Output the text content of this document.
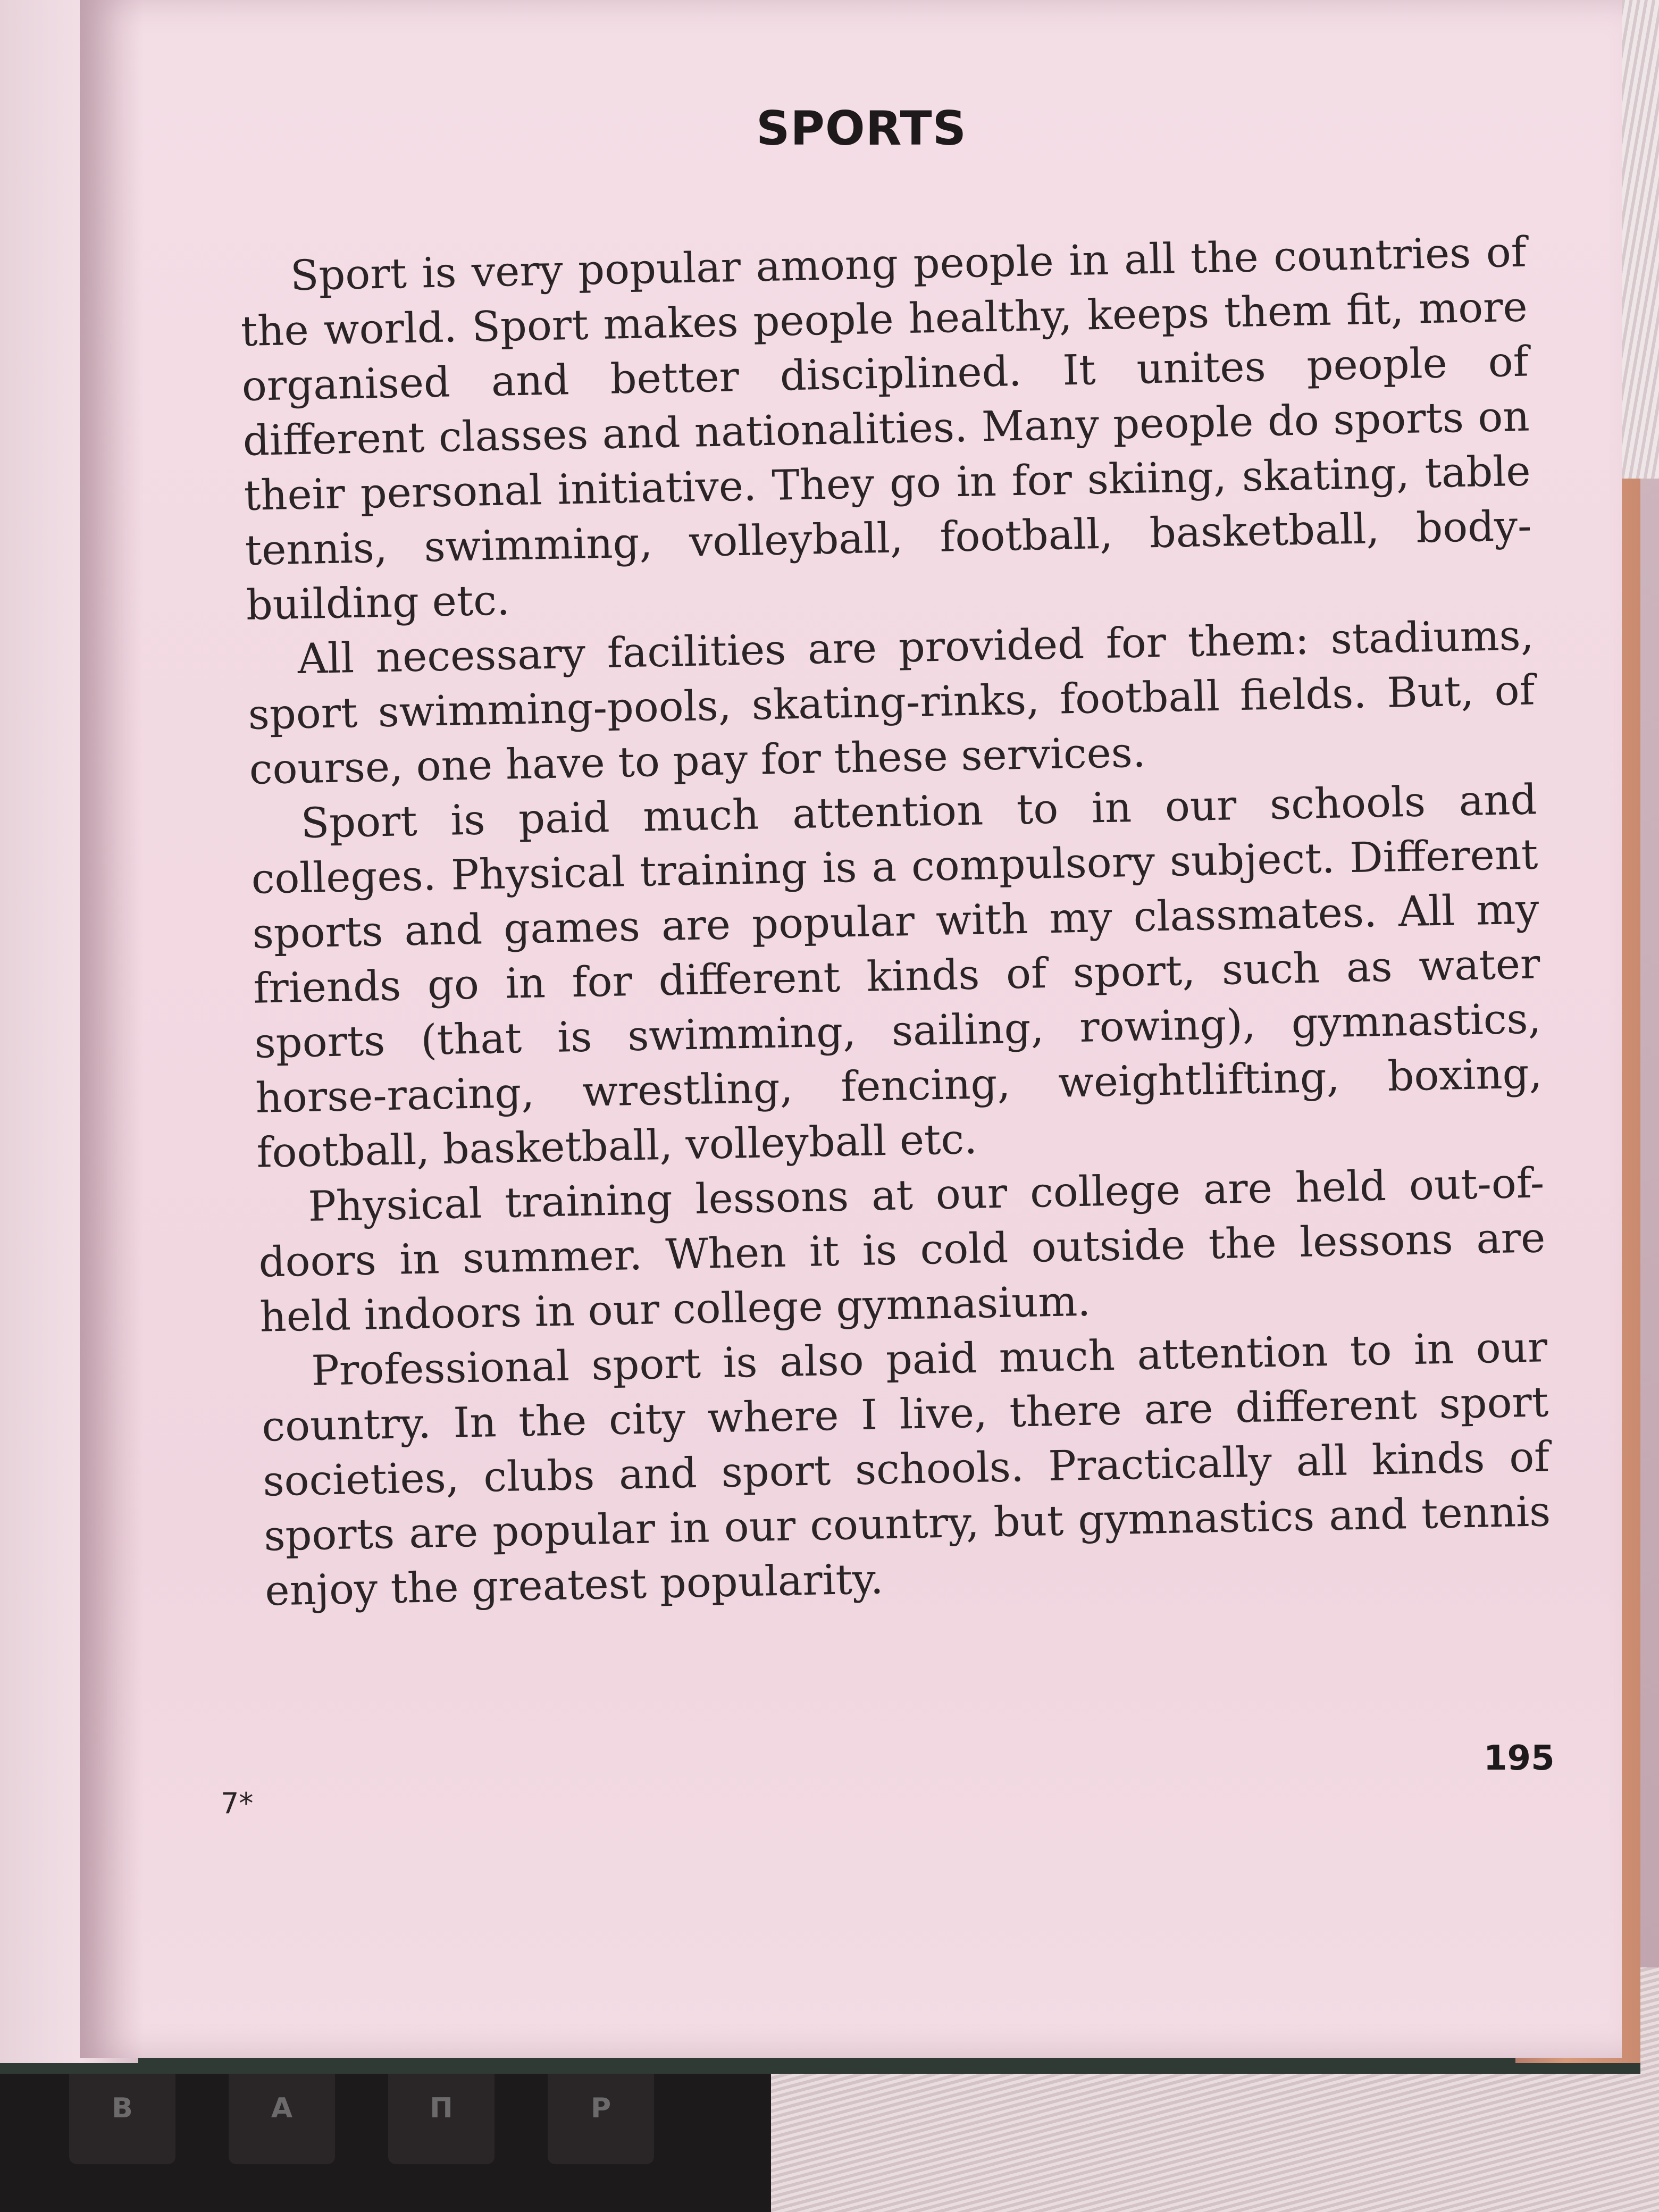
B	A	П	Р
SPORTS

Sport is very popular among people in all the countries of the world. Sport makes people healthy, keeps them fit, more organised and better disciplined. It unites people of different classes and nationalities. Many people do sports on their personal initiative. They go in for skiing, skating, table tennis, swimming, volleyball, football, basketball, body-building etc.

All necessary facilities are provided for them: stadiums, sport swimming-pools, skating-rinks, football fields. But, of course, one have to pay for these services.

Sport is paid much attention to in our schools and colleges. Physical training is a compulsory subject. Different sports and games are popular with my classmates. All my friends go in for different kinds of sport, such as water sports (that is swimming, sailing, rowing), gymnastics, horse-racing, wrestling, fencing, weightlifting, boxing, football, basketball, volleyball etc.

Physical training lessons at our college are held out-of-doors in summer. When it is cold outside the lessons are held indoors in our college gymnasium.

Professional sport is also paid much attention to in our country. In the city where I live, there are different sport societies, clubs and sport schools. Practically all kinds of sports are popular in our country, but gymnastics and tennis enjoy the greatest popularity.

195
7*
